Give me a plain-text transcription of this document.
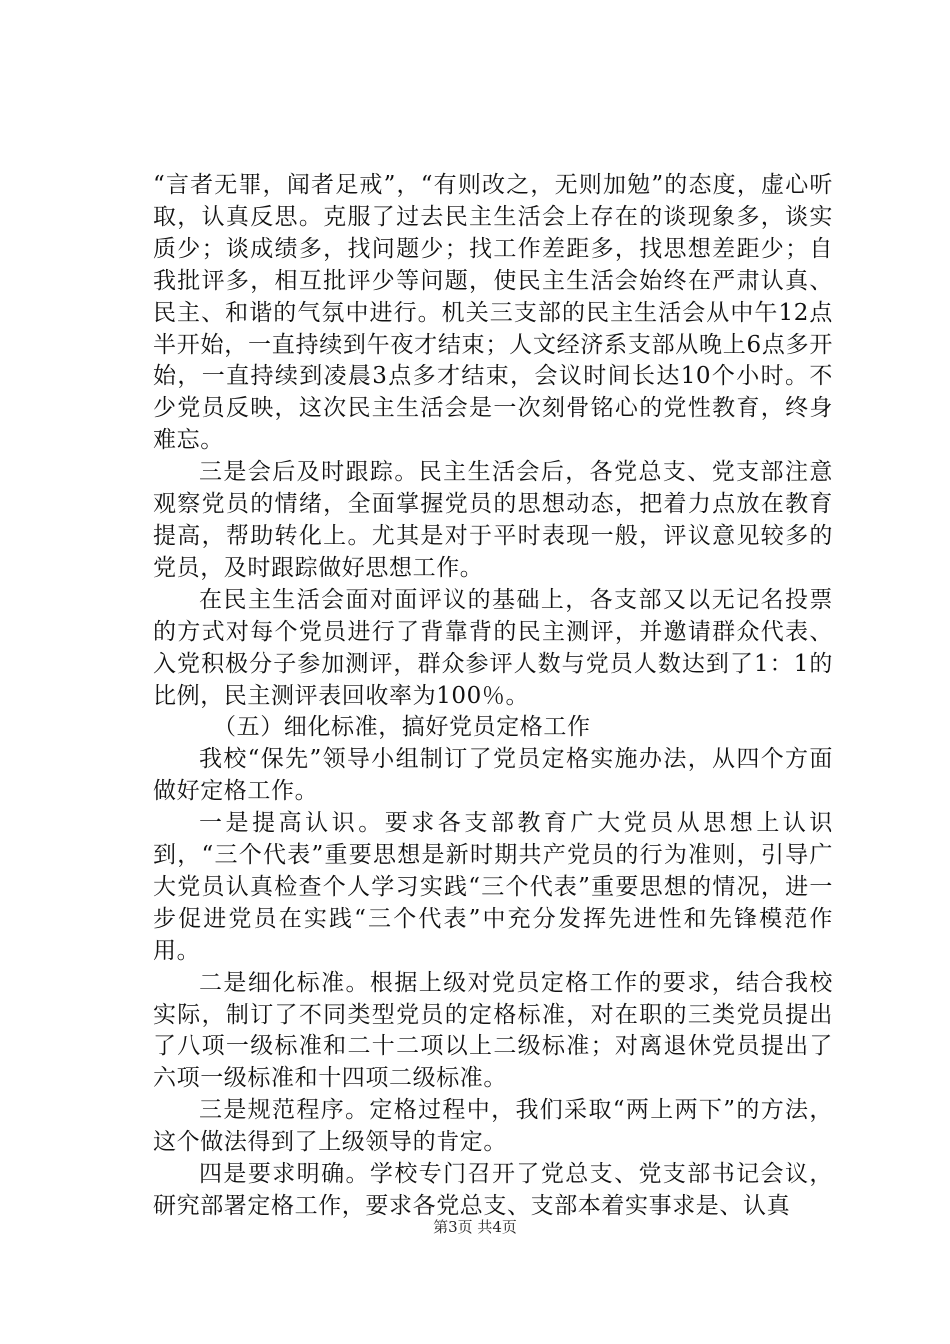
“言者无罪，闻者足戒”，“有则改之，无则加勉”的态度，虚心听取，认真反思。克服了过去民主生活会上存在的谈现象多，谈实质少；谈成绩多，找问题少；找工作差距多，找思想差距少；自我批评多，相互批评少等问题，使民主生活会始终在严肃认真、民主、和谐的气氛中进行。机关三支部的民主生活会从中午12点半开始，一直持续到午夜才结束；人文经济系支部从晚上6点多开始，一直持续到凌晨3点多才结束，会议时间长达10个小时。不少党员反映，这次民主生活会是一次刻骨铭心的党性教育，终身难忘。

三是会后及时跟踪。民主生活会后，各党总支、党支部注意观察党员的情绪，全面掌握党员的思想动态，把着力点放在教育提高，帮助转化上。尤其是对于平时表现一般，评议意见较多的党员，及时跟踪做好思想工作。

在民主生活会面对面评议的基础上，各支部又以无记名投票的方式对每个党员进行了背靠背的民主测评，并邀请群众代表、入党积极分子参加测评，群众参评人数与党员人数达到了1：1的比例，民主测评表回收率为100％。

（五）细化标准，搞好党员定格工作

我校“保先”领导小组制订了党员定格实施办法，从四个方面做好定格工作。

一是提高认识。要求各支部教育广大党员从思想上认识到，“三个代表”重要思想是新时期共产党员的行为准则，引导广大党员认真检查个人学习实践“三个代表”重要思想的情况，进一步促进党员在实践“三个代表”中充分发挥先进性和先锋模范作用。

二是细化标准。根据上级对党员定格工作的要求，结合我校实际，制订了不同类型党员的定格标准，对在职的三类党员提出了八项一级标准和二十二项以上二级标准；对离退休党员提出了六项一级标准和十四项二级标准。

三是规范程序。定格过程中，我们采取“两上两下”的方法，这个做法得到了上级领导的肯定。

四是要求明确。学校专门召开了党总支、党支部书记会议，研究部署定格工作，要求各党总支、支部本着实事求是、认真

第3页 共4页
